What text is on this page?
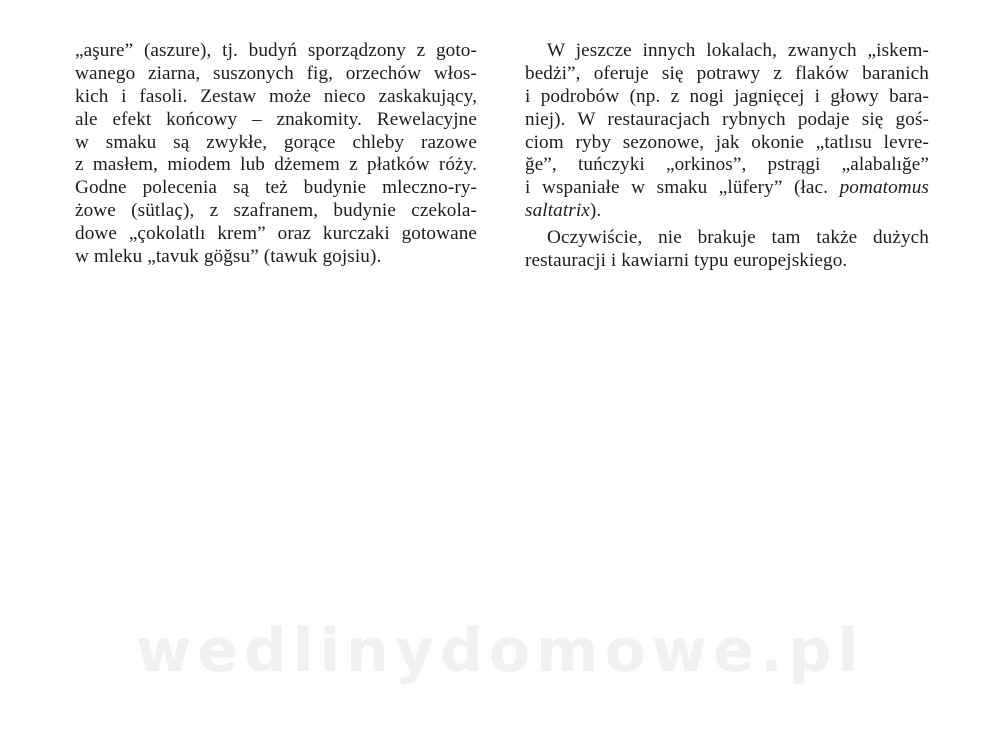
„aşure” (aszure), tj. budyń sporządzony z goto-
wanego ziarna, suszonych fig, orzechów włos-
kich i fasoli. Zestaw może nieco zaskakujący,
ale efekt końcowy – znakomity. Rewelacyjne
w smaku są zwykłe, gorące chleby razowe
z masłem, miodem lub dżemem z płatków róży.
Godne polecenia są też budynie mleczno-ry-
żowe (sütlaç), z szafranem, budynie czekola-
dowe „çokolatlı krem” oraz kurczaki gotowane
w mleku „tavuk göğsu” (tawuk gojsiu).
W jeszcze innych lokalach, zwanych „iskem-
bedżi”, oferuje się potrawy z flaków baranich
i podrobów (np. z nogi jagnięcej i głowy bara-
niej). W restauracjach rybnych podaje się goś-
ciom ryby sezonowe, jak okonie „tatlısu levre-
ğe”, tuńczyki „orkinos”, pstrągi „alabalığe”
i wspaniałe w smaku „lüfery” (łac. pomatomus
saltatrix).
Oczywiście, nie brakuje tam także dużych
restauracji i kawiarni typu europejskiego.
wedlinydomowe.pl
